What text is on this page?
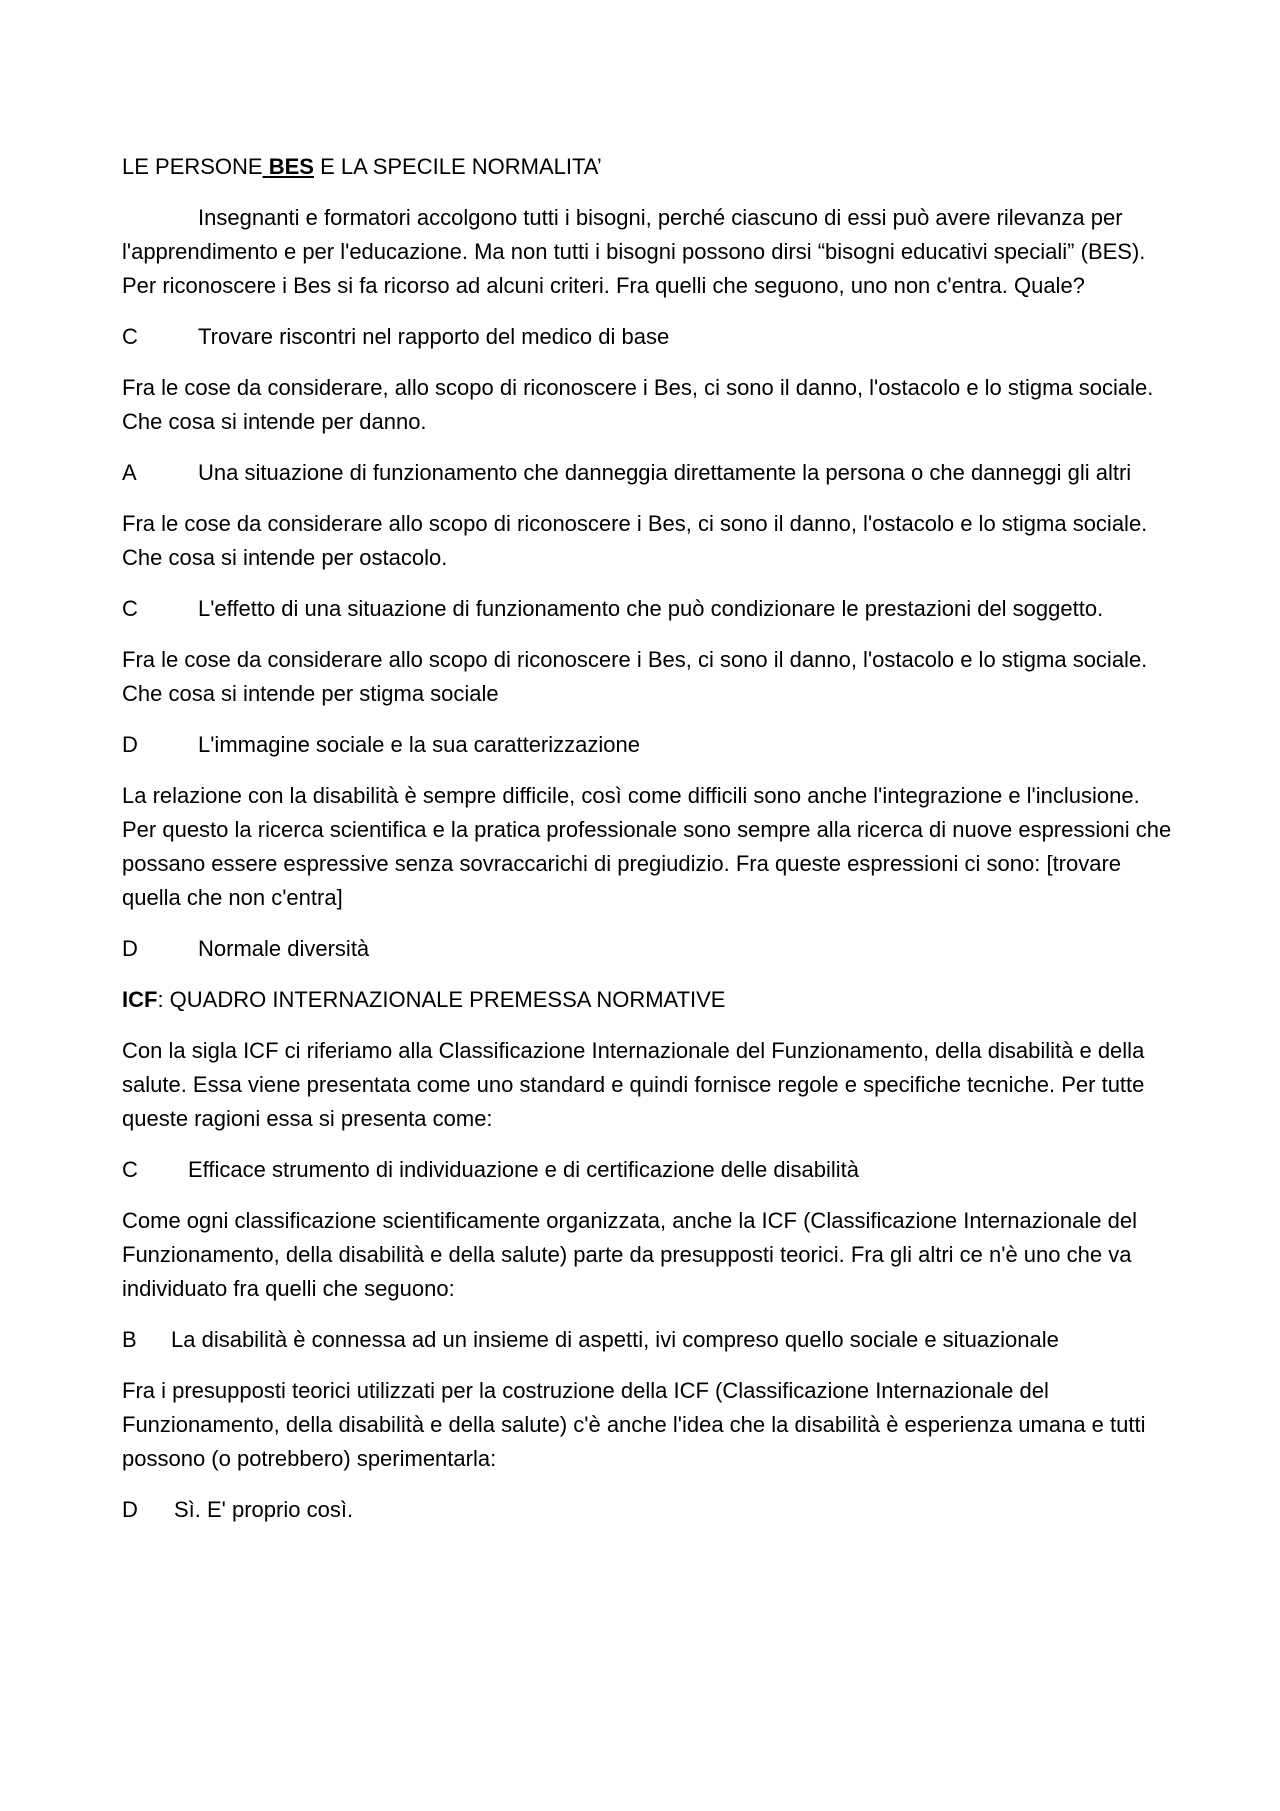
LE PERSONE BES E LA SPECILE NORMALITA’

Insegnanti e formatori accolgono tutti i bisogni, perché ciascuno di essi può avere rilevanza per l'apprendimento e per l'educazione. Ma non tutti i bisogni possono dirsi “bisogni educativi speciali” (BES). Per riconoscere i Bes si fa ricorso ad alcuni criteri. Fra quelli che seguono, uno non c'entra. Quale?

C	Trovare riscontri nel rapporto del medico di base

Fra le cose da considerare, allo scopo di riconoscere i Bes, ci sono il danno, l'ostacolo e lo stigma sociale. Che cosa si intende per danno.

A	Una situazione di funzionamento che danneggia direttamente la persona o che danneggi gli altri

Fra le cose da considerare allo scopo di riconoscere i Bes, ci sono il danno, l'ostacolo e lo stigma sociale. Che cosa si intende per ostacolo.

C	L'effetto di una situazione di funzionamento che può condizionare le prestazioni del soggetto.

Fra le cose da considerare allo scopo di riconoscere i Bes, ci sono il danno, l'ostacolo e lo stigma sociale. Che cosa si intende per stigma sociale

D	L'immagine sociale e la sua caratterizzazione

La relazione con la disabilità è sempre difficile, così come difficili sono anche l'integrazione e l'inclusione. Per questo la ricerca scientifica e la pratica professionale sono sempre alla ricerca di nuove espressioni che possano essere espressive senza sovraccarichi di pregiudizio. Fra queste espressioni ci sono: [trovare quella che non c'entra]

D	Normale diversità

ICF: QUADRO INTERNAZIONALE PREMESSA NORMATIVE

Con la sigla ICF ci riferiamo alla Classificazione Internazionale del Funzionamento, della disabilità e della salute. Essa viene presentata come uno standard e quindi fornisce regole e specifiche tecniche. Per tutte queste ragioni essa si presenta come:

C Efficace strumento di individuazione e di certificazione delle disabilità

Come ogni classificazione scientificamente organizzata, anche la ICF (Classificazione Internazionale del Funzionamento, della disabilità e della salute) parte da presupposti teorici. Fra gli altri ce n'è uno che va individuato fra quelli che seguono:

B La disabilità è connessa ad un insieme di aspetti, ivi compreso quello sociale e situazionale

Fra i presupposti teorici utilizzati per la costruzione della ICF (Classificazione Internazionale del Funzionamento, della disabilità e della salute) c'è anche l'idea che la disabilità è esperienza umana e tutti possono (o potrebbero) sperimentarla:

D Sì. E' proprio così.
